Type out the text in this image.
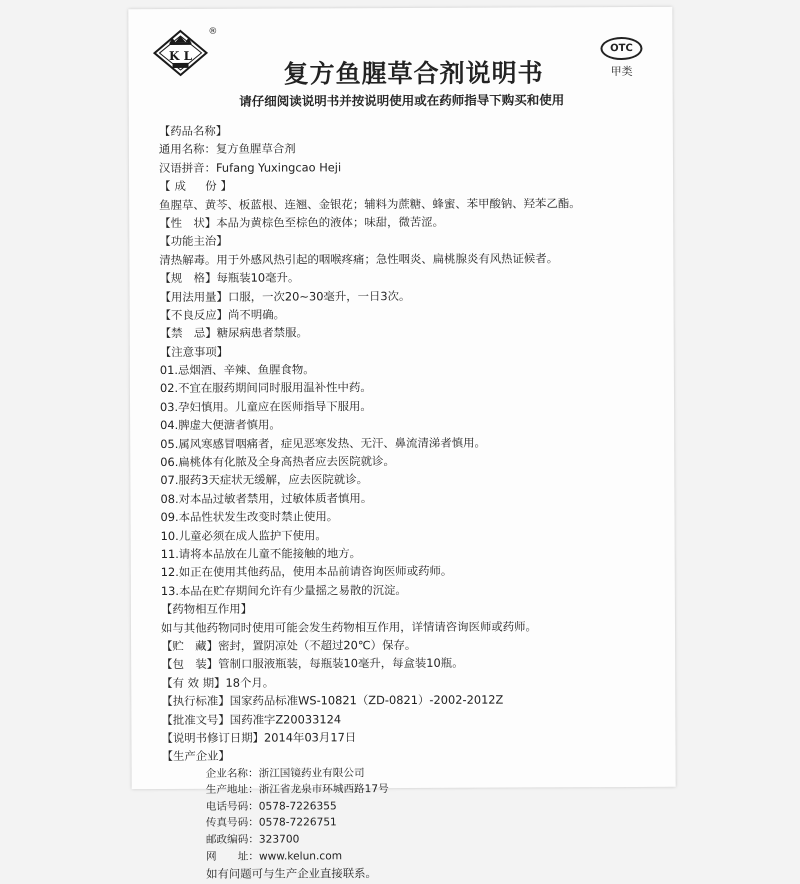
K L
®
OTC
甲类
复方鱼腥草合剂说明书
请仔细阅读说明书并按说明使用或在药师指导下购买和使用
【 药品名称 】
通用名称：复方鱼腥草合剂
汉语拼音：Fufang Yuxingcao Heji
【 成　份 】
鱼腥草、黄芩、板蓝根、连翘、金银花；辅料为蔗糖、蜂蜜、苯甲酸钠、羟苯乙酯。
【 性　状 】 本品为黄棕色至棕色的液体；味甜，微苦涩。
【 功能主治 】
清热解毒。用于外感风热引起的咽喉疼痛；急性咽炎、扁桃腺炎有风热证候者。
【 规　格 】 每瓶装10毫升。
【 用法用量 】 口服，一次20~30毫升，一日3次。
【 不良反应 】 尚不明确。
【 禁　忌 】 糖尿病患者禁服。
【 注意事项 】
01.忌烟酒、辛辣、鱼腥食物。
02.不宜在服药期间同时服用温补性中药。
03.孕妇慎用。儿童应在医师指导下服用。
04.脾虚大便溏者慎用。
05.属风寒感冒咽痛者，症见恶寒发热、无汗、鼻流清涕者慎用。
06.扁桃体有化脓及全身高热者应去医院就诊。
07.服药3天症状无缓解，应去医院就诊。
08.对本品过敏者禁用，过敏体质者慎用。
09.本品性状发生改变时禁止使用。
10.儿童必须在成人监护下使用。
11.请将本品放在儿童不能接触的地方。
12.如正在使用其他药品，使用本品前请咨询医师或药师。
13.本品在贮存期间允许有少量摇之易散的沉淀。
【 药物相互作用 】
如与其他药物同时使用可能会发生药物相互作用，详情请咨询医师或药师。
【 贮　藏 】 密封，置阴凉处（不超过20℃）保存。
【 包　装 】 管制口服液瓶装，每瓶装10毫升，每盒装10瓶。
【 有 效 期 】 18个月。
【 执行标准 】 国家药品标准WS-10821（ZD-0821）-2002-2012Z
【 批准文号 】 国药准字Z20033124
【 说明书修订日期 】 2014年03月17日
【 生产企业 】
企业名称：浙江国镜药业有限公司
生产地址：浙江省龙泉市环城西路17号
电话号码：0578-7226355
传真号码：0578-7226751
邮政编码：323700
网　　址：www.kelun.com
如有问题可与生产企业直接联系。
